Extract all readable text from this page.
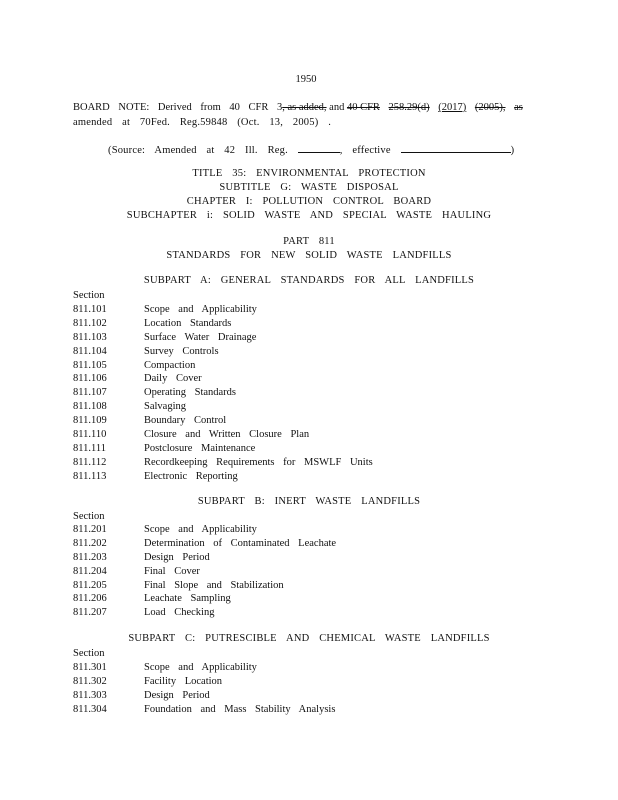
1950
BOARD NOTE: Derived from 40 CFR 3, as added, and 40 CFR 258.29(d) (2017) (2005), as
amended at 70Fed. Reg.59848 (Oct. 13, 2005) .
(Source: Amended at 42 Ill. Reg.	, effective	)
TITLE 35: ENVIRONMENTAL PROTECTION
SUBTITLE G: WASTE DISPOSAL
CHAPTER I: POLLUTION CONTROL BOARD
SUBCHAPTER i: SOLID WASTE AND SPECIAL WASTE HAULING
PART 811
STANDARDS FOR NEW SOLID WASTE LANDFILLS
SUBPART A: GENERAL STANDARDS FOR ALL LANDFILLS
Section
811.101	Scope and Applicability
811.102	Location Standards
811.103	Surface Water Drainage
811.104	Survey Controls
811.105	Compaction
811.106	Daily Cover
811.107	Operating Standards
811.108	Salvaging
811.109	Boundary Control
811.110	Closure and Written Closure Plan
811.111	Postclosure Maintenance
811.112	Recordkeeping Requirements for MSWLF Units
811.113	Electronic Reporting
SUBPART B: INERT WASTE LANDFILLS
Section
811.201	Scope and Applicability
811.202	Determination of Contaminated Leachate
811.203	Design Period
811.204	Final Cover
811.205	Final Slope and Stabilization
811.206	Leachate Sampling
811.207	Load Checking
SUBPART C: PUTRESCIBLE AND CHEMICAL WASTE LANDFILLS
Section
811.301	Scope and Applicability
811.302	Facility Location
811.303	Design Period
811.304	Foundation and Mass Stability Analysis
